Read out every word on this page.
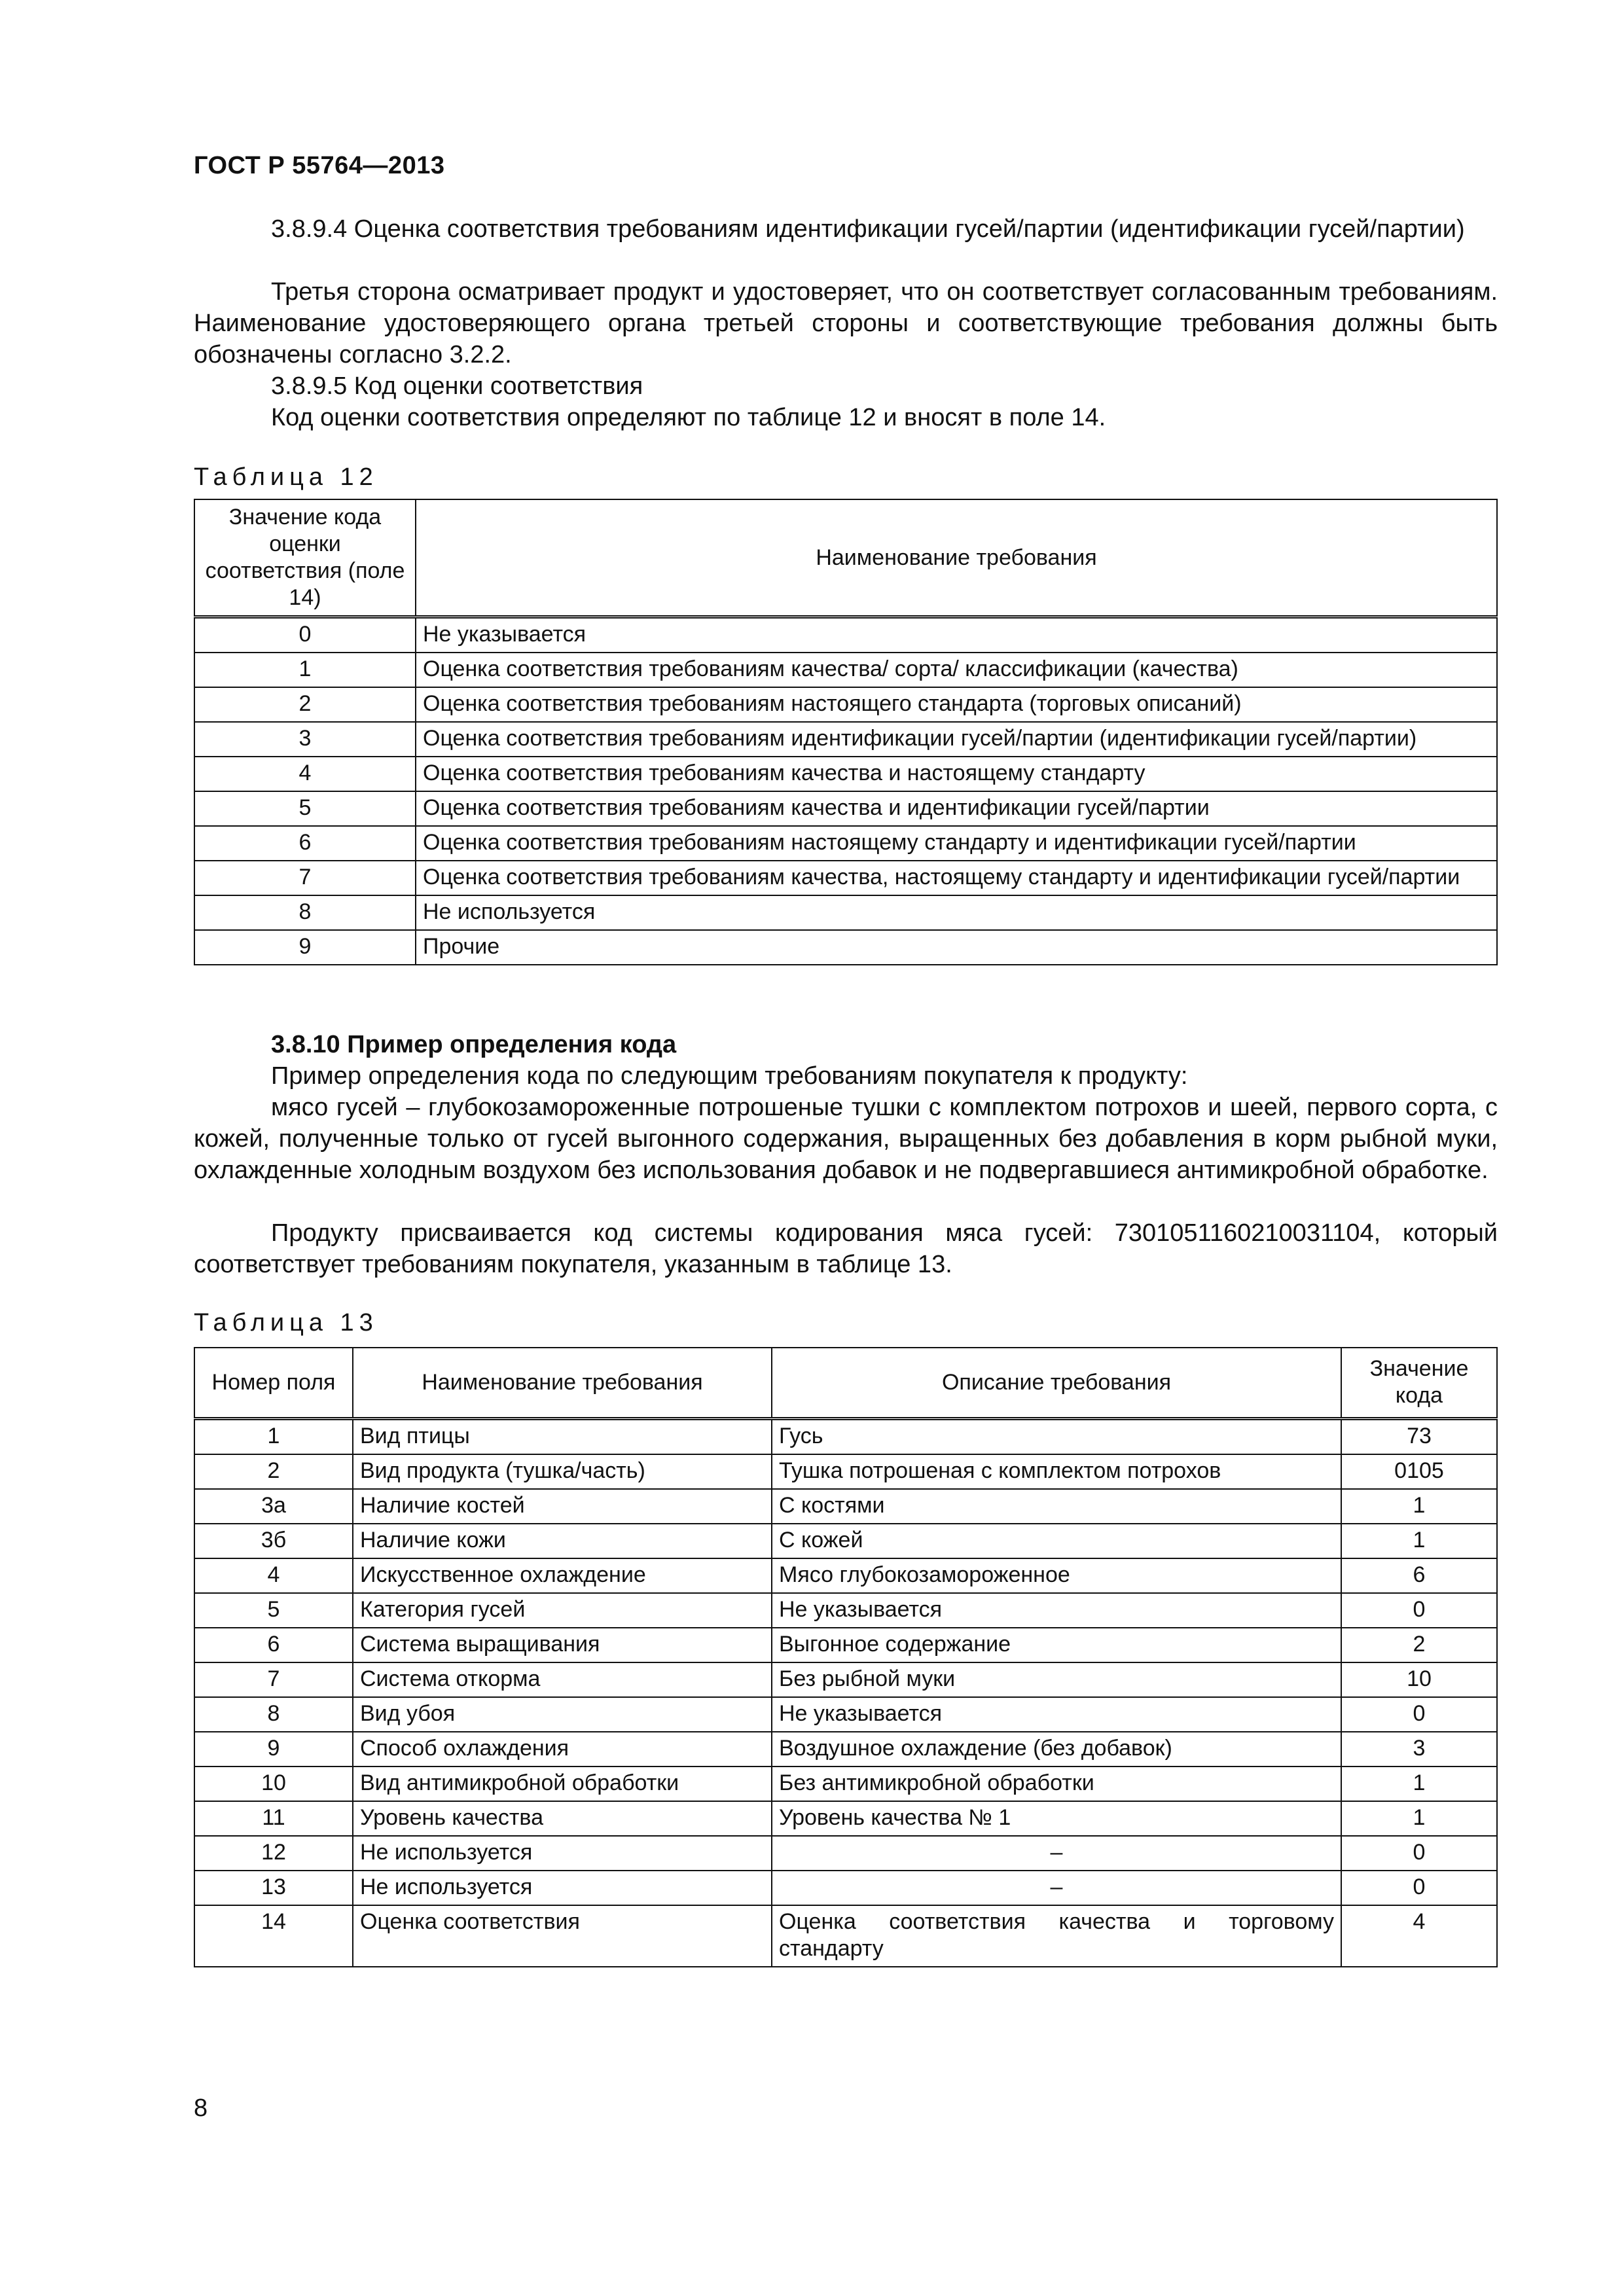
ГОСТ Р 55764—2013
3.8.9.4 Оценка соответствия требованиям идентификации гусей/партии (идентификации гусей/партии)
Третья сторона осматривает продукт и удостоверяет, что он соответствует согласованным требованиям. Наименование удостоверяющего органа третьей стороны и соответствующие требования должны быть обозначены согласно 3.2.2.
3.8.9.5 Код оценки соответствия
Код оценки соответствия определяют по таблице 12 и вносят в поле 14.
Таблица 12
Значение кода оценки соответствия (поле 14)	Наименование требования
0	Не указывается
1	Оценка соответствия требованиям качества/ сорта/ классификации (качества)
2	Оценка соответствия требованиям настоящего стандарта (торговых описаний)
3	Оценка соответствия требованиям идентификации гусей/партии (идентификации гусей/партии)
4	Оценка соответствия требованиям качества и настоящему стандарту
5	Оценка соответствия требованиям качества и идентификации гусей/партии
6	Оценка соответствия требованиям настоящему стандарту и идентификации гусей/партии
7	Оценка соответствия требованиям качества, настоящему стандарту и идентификации гусей/партии
8	Не используется
9	Прочие
3.8.10 Пример определения кода
Пример определения кода по следующим требованиям покупателя к продукту:
мясо гусей – глубокозамороженные потрошеные тушки с комплектом потрохов и шеей, первого сорта, с кожей, полученные только от гусей выгонного содержания, выращенных без добавления в корм рыбной муки, охлажденные холодным воздухом без использования добавок и не подвергавшиеся антимикробной обработке.
Продукту присваивается код системы кодирования мяса гусей: 7301051160210031104, который соответствует требованиям покупателя, указанным в таблице 13.
Таблица 13
Номер поля	Наименование требования	Описание требования	Значение кода
1	Вид птицы	Гусь	73
2	Вид продукта (тушка/часть)	Тушка потрошеная с комплектом потрохов	0105
3а	Наличие костей	С костями	1
3б	Наличие кожи	С кожей	1
4	Искусственное охлаждение	Мясо глубокозамороженное	6
5	Категория гусей	Не указывается	0
6	Система выращивания	Выгонное содержание	2
7	Система откорма	Без рыбной муки	10
8	Вид убоя	Не указывается	0
9	Способ охлаждения	Воздушное охлаждение (без добавок)	3
10	Вид антимикробной обработки	Без антимикробной обработки	1
11	Уровень качества	Уровень качества № 1	1
12	Не используется	–	0
13	Не используется	–	0
14	Оценка соответствия	Оценка соответствия качества и торговому стандарту	4
8
